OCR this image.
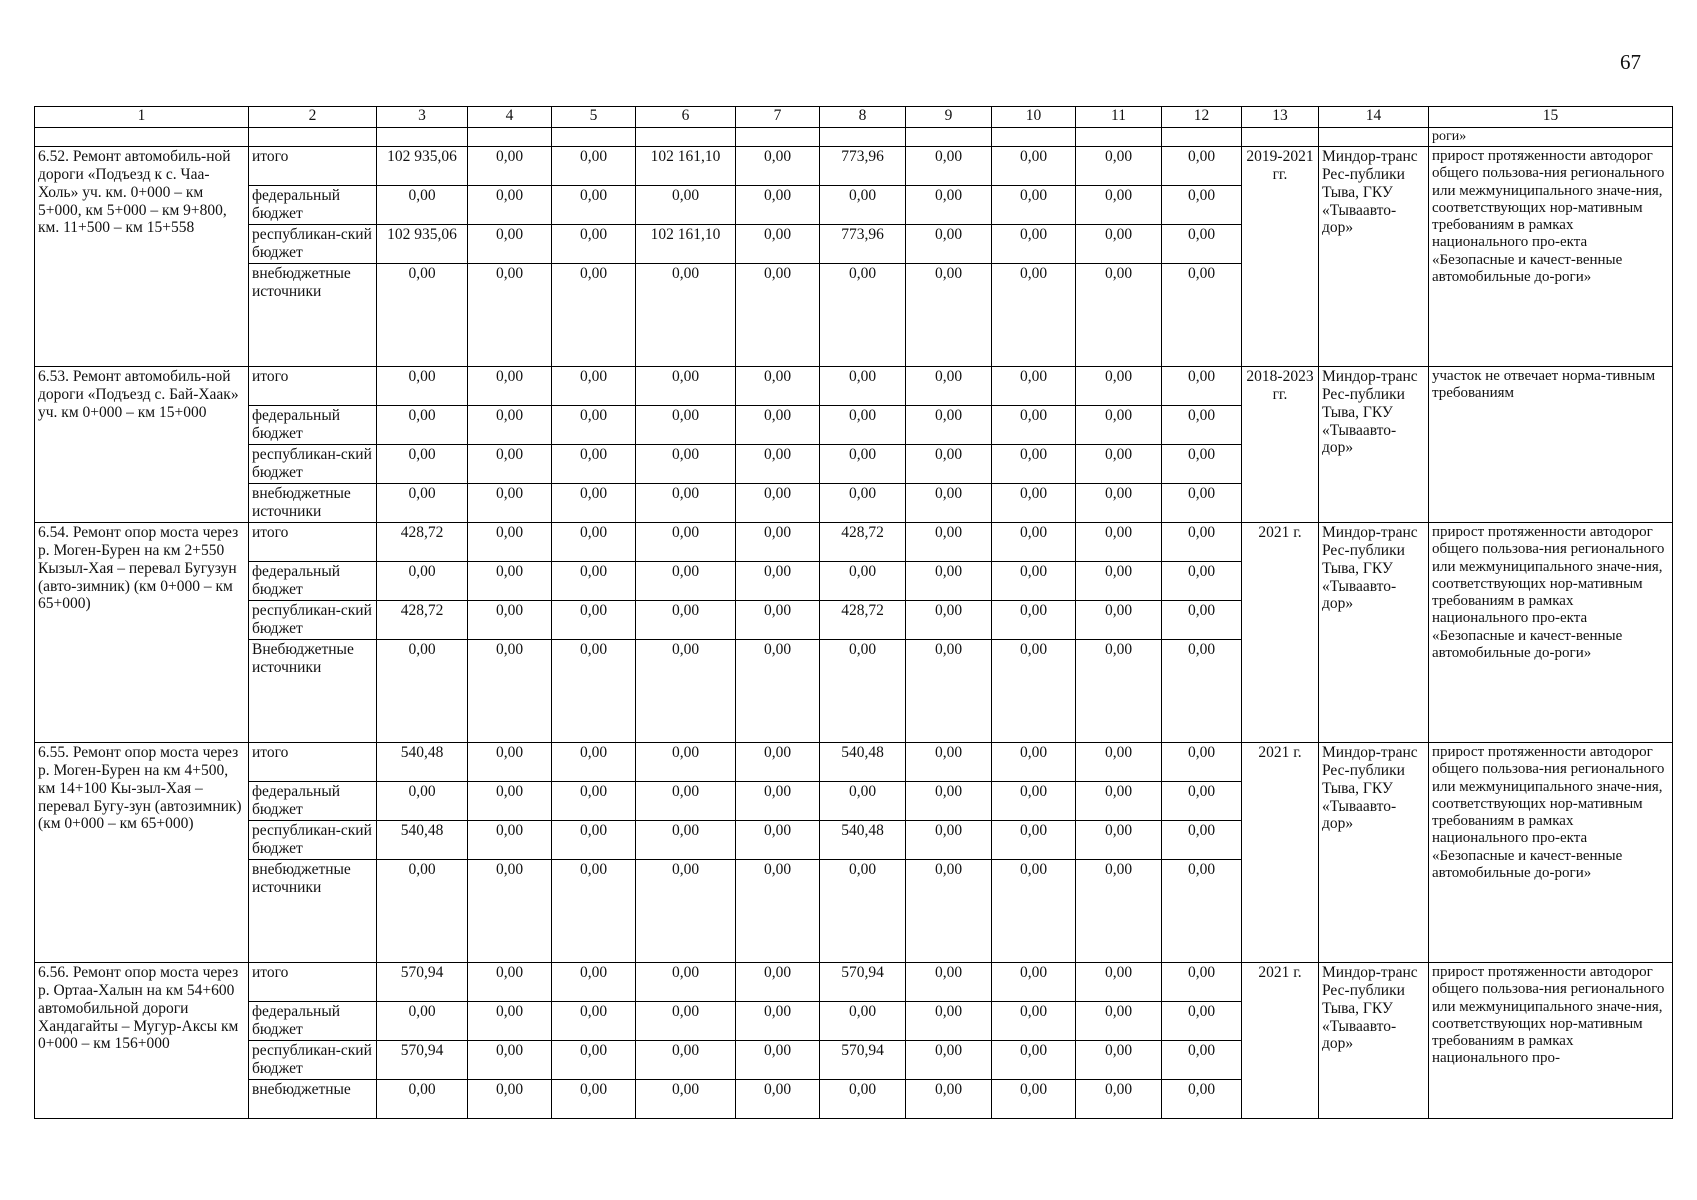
67
1	2	3	4	5	6	7	8	9	10	11	12	13	14	15
														роги»
6.52. Ремонт автомобиль-ной дороги «Подъезд к с. Чаа-Холь» уч. км. 0+000 – км 5+000, км 5+000 – км 9+800, км. 11+500 – км 15+558	итого	102 935,06	0,00	0,00	102 161,10	0,00	773,96	0,00	0,00	0,00	0,00	2019-2021 гг.	Миндор-транс Рес-публики Тыва, ГКУ «Тываавто-дор»	прирост протяженности автодорог общего пользова-ния регионального или межмуниципального значе-ния, соответствующих нор-мативным требованиям в рамках национального про-екта «Безопасные и качест-венные автомобильные до-роги»
	федеральный бюджет	0,00	0,00	0,00	0,00	0,00	0,00	0,00	0,00	0,00	0,00			
	республикан-ский бюджет	102 935,06	0,00	0,00	102 161,10	0,00	773,96	0,00	0,00	0,00	0,00			
	внебюджетные источники	0,00	0,00	0,00	0,00	0,00	0,00	0,00	0,00	0,00	0,00			
6.53. Ремонт автомобиль-ной дороги «Подъезд с. Бай-Хаак» уч. км 0+000 – км 15+000	итого	0,00	0,00	0,00	0,00	0,00	0,00	0,00	0,00	0,00	0,00	2018-2023 гг.	Миндор-транс Рес-публики Тыва, ГКУ «Тываавто-дор»	участок не отвечает норма-тивным требованиям
	федеральный бюджет	0,00	0,00	0,00	0,00	0,00	0,00	0,00	0,00	0,00	0,00			
	республикан-ский бюджет	0,00	0,00	0,00	0,00	0,00	0,00	0,00	0,00	0,00	0,00			
	внебюджетные источники	0,00	0,00	0,00	0,00	0,00	0,00	0,00	0,00	0,00	0,00			
6.54. Ремонт опор моста через р. Моген-Бурен на км 2+550 Кызыл-Хая – перевал Бугузун (авто-зимник) (км 0+000 – км 65+000)	итого	428,72	0,00	0,00	0,00	0,00	428,72	0,00	0,00	0,00	0,00	2021 г.	Миндор-транс Рес-публики Тыва, ГКУ «Тываавто-дор»	прирост протяженности автодорог общего пользова-ния регионального или межмуниципального значе-ния, соответствующих нор-мативным требованиям в рамках национального про-екта «Безопасные и качест-венные автомобильные до-роги»
	федеральный бюджет	0,00	0,00	0,00	0,00	0,00	0,00	0,00	0,00	0,00	0,00			
	республикан-ский бюджет	428,72	0,00	0,00	0,00	0,00	428,72	0,00	0,00	0,00	0,00			
	Внебюджетные источники	0,00	0,00	0,00	0,00	0,00	0,00	0,00	0,00	0,00	0,00			
6.55. Ремонт опор моста через р. Моген-Бурен на км 4+500, км 14+100 Кы-зыл-Хая – перевал Бугу-зун (автозимник) (км 0+000 – км 65+000)	итого	540,48	0,00	0,00	0,00	0,00	540,48	0,00	0,00	0,00	0,00	2021 г.	Миндор-транс Рес-публики Тыва, ГКУ «Тываавто-дор»	прирост протяженности автодорог общего пользова-ния регионального или межмуниципального значе-ния, соответствующих нор-мативным требованиям в рамках национального про-екта «Безопасные и качест-венные автомобильные до-роги»
	федеральный бюджет	0,00	0,00	0,00	0,00	0,00	0,00	0,00	0,00	0,00	0,00			
	республикан-ский бюджет	540,48	0,00	0,00	0,00	0,00	540,48	0,00	0,00	0,00	0,00			
	внебюджетные источники	0,00	0,00	0,00	0,00	0,00	0,00	0,00	0,00	0,00	0,00			
6.56. Ремонт опор моста через р. Ортаа-Халын на км 54+600 автомобильной дороги Хандагайты – Мугур-Аксы км 0+000 – км 156+000	итого	570,94	0,00	0,00	0,00	0,00	570,94	0,00	0,00	0,00	0,00	2021 г.	Миндор-транс Рес-публики Тыва, ГКУ «Тываавто-дор»	прирост протяженности автодорог общего пользова-ния регионального или межмуниципального значе-ния, соответствующих нор-мативным требованиям в рамках национального про-
	федеральный бюджет	0,00	0,00	0,00	0,00	0,00	0,00	0,00	0,00	0,00	0,00			
	республикан-ский бюджет	570,94	0,00	0,00	0,00	0,00	570,94	0,00	0,00	0,00	0,00			
	внебюджетные	0,00	0,00	0,00	0,00	0,00	0,00	0,00	0,00	0,00	0,00			
